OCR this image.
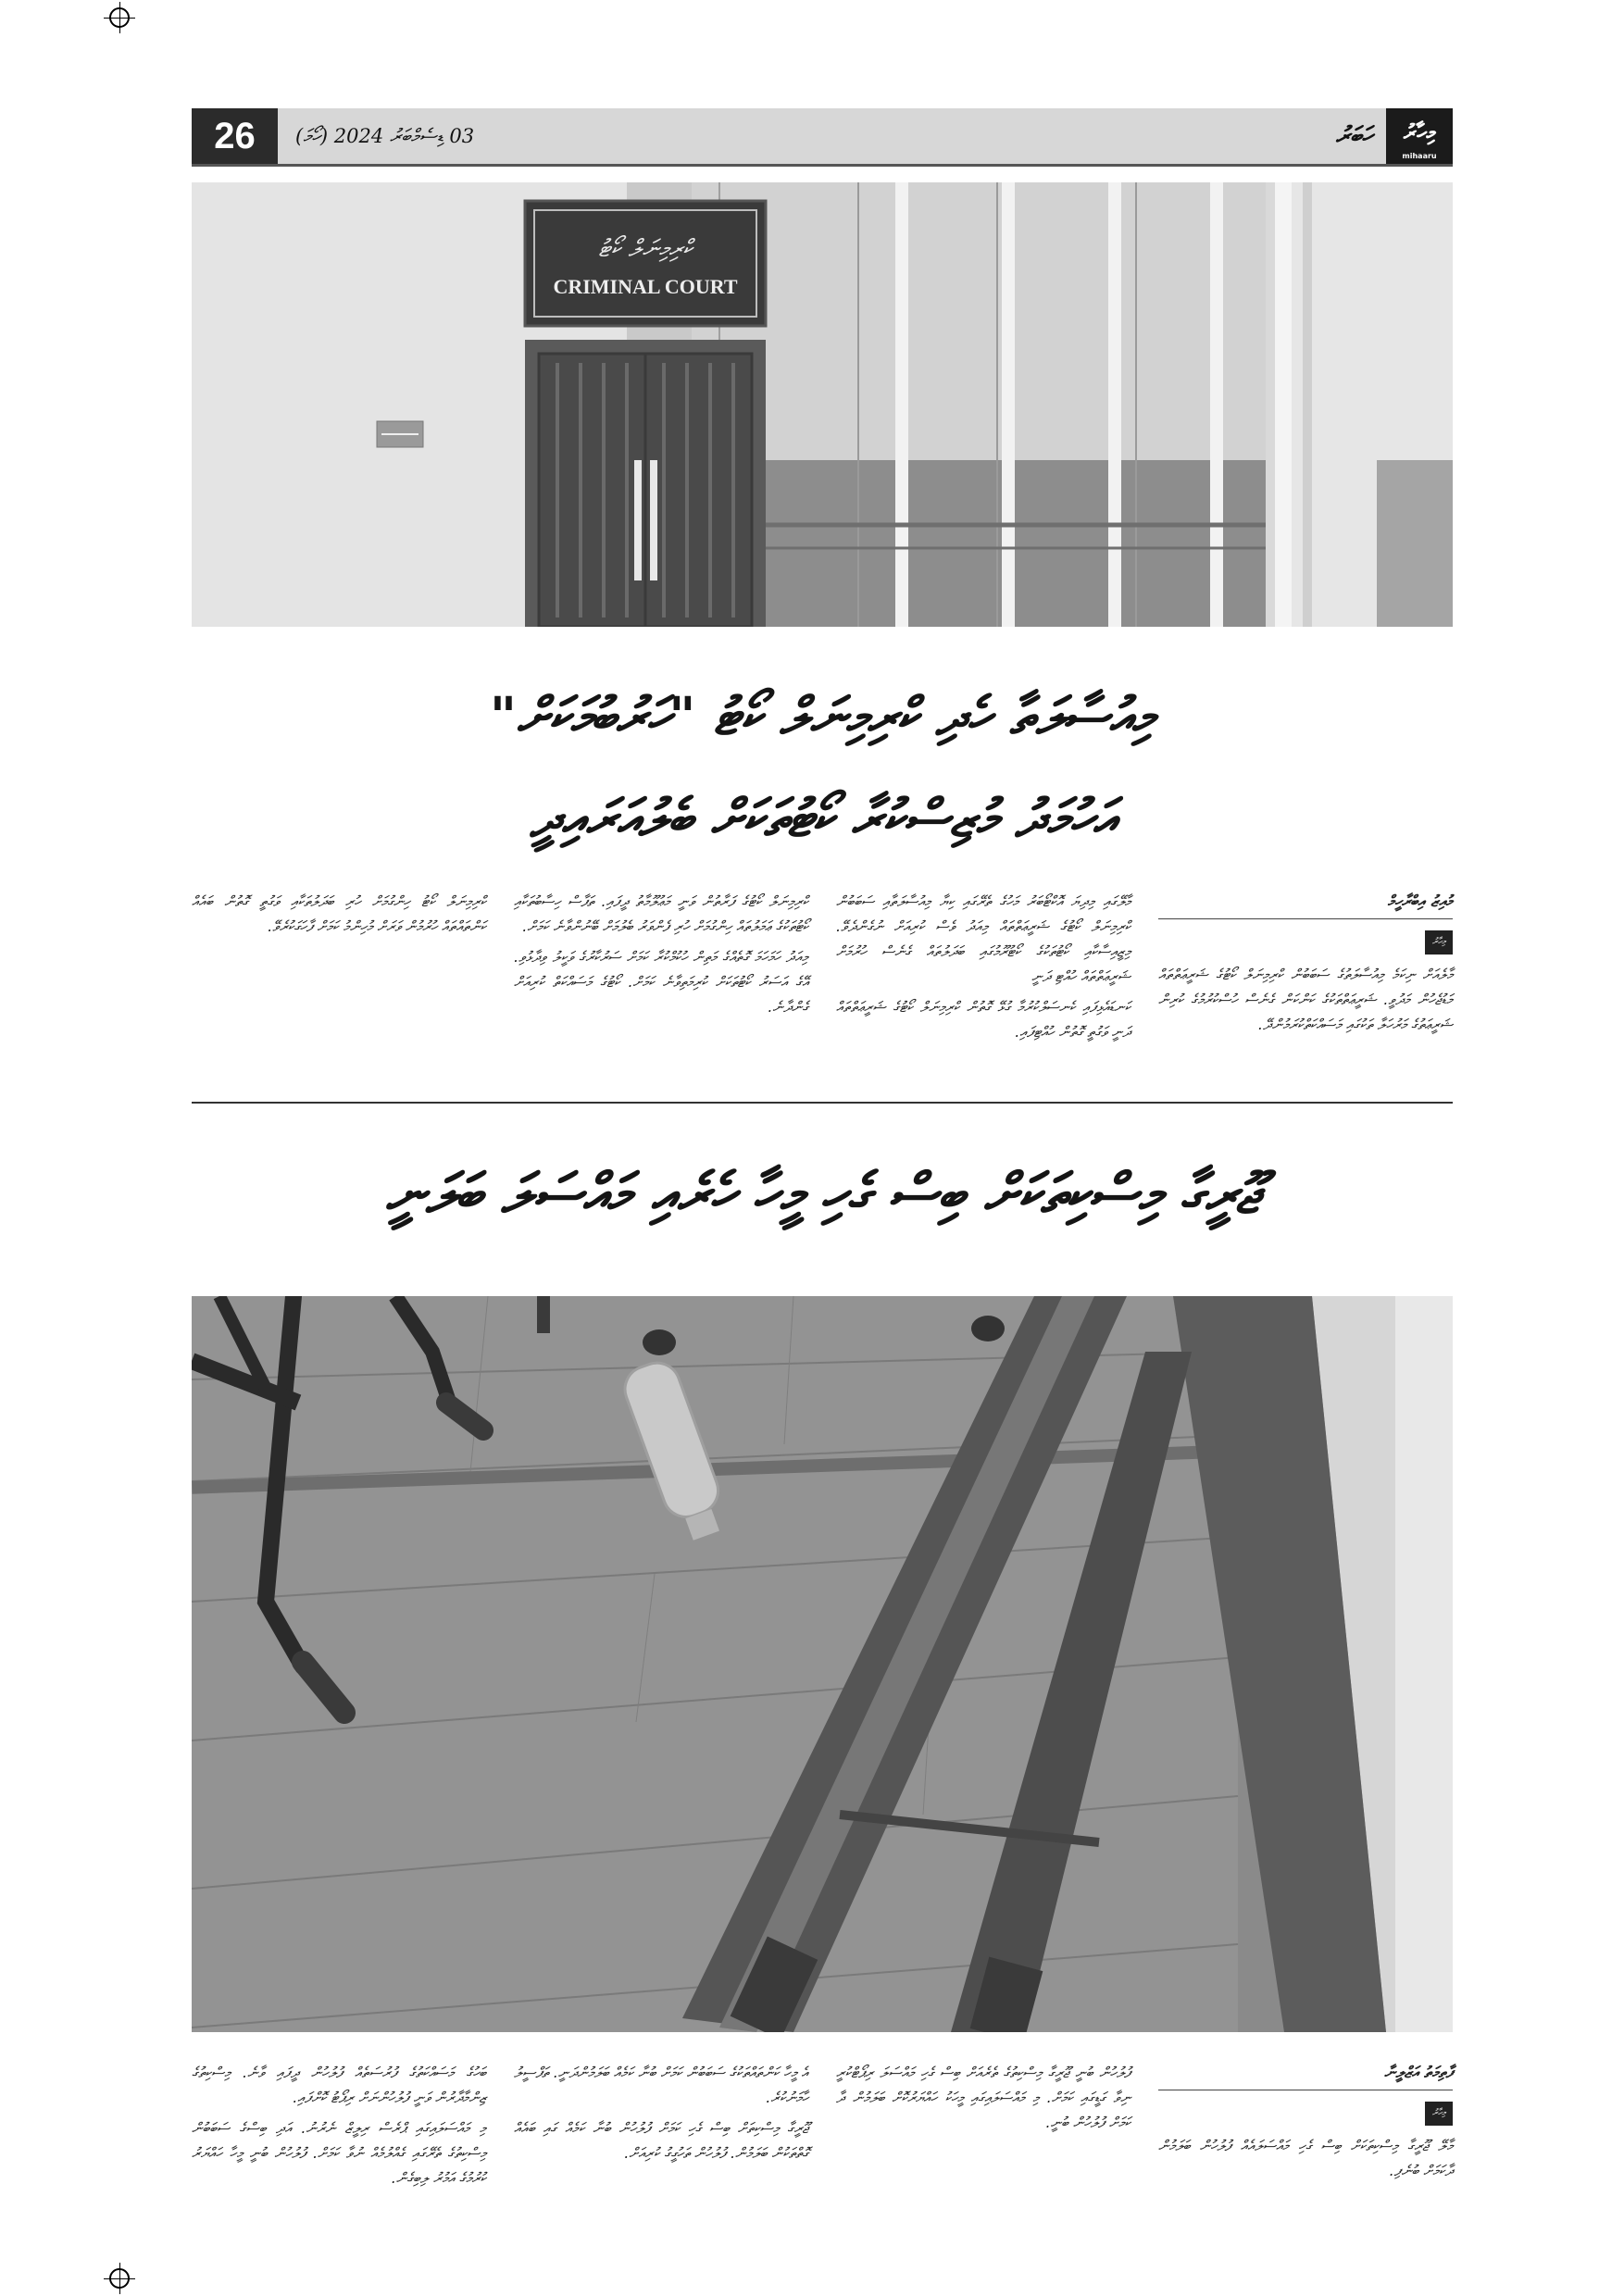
26	03 ޑިސެމްބަރު 2024 (ހޯމަ)	ހަބަރު	މިހާރު
mihaaru
ކްރިމިނަލް ކޯޓު
CRIMINAL COURT
މިއުސާލަތާ ހެދި ކްރިމިނަލް ކޯޓު "ހަރުބުމަކަށް"
އަހުމަދު މުޒިސްކުރާ ކޯޓުތަކަށް ބެލުއަރައިދީ
މުއިޒު އިބްރާހީމް
މިހާރު

މާލެއަށް ނިކަމެ މިއުސާލަތުގެ ސަބަބުން ކްރިމިނަލް ކޯޓުގެ ޝަރީޢަތްތައް މަޑުޖެހުން މަދުވީ. ޝަރީޢަތްތަކުގެ ކަންކަން ގެނެސް ހުސްކުރުމުގެ ކުރިން ޝަރީޢަތުގެ މަރުހަލާ ތަކުގައި މަސައްކަތްކުރަމުންދޭ.

މާލޭގައި މިދިޔަ އޮކްޓޯބަރު މަހުގެ ތެރޭގައި ކިޔާ މިއުސާލަތާއި ސަބަބުން ކްރިމިނަލް ކޯޓުގެ ޝަރީޢަތްތައް މިއަދު ވެސް ކުރިއަށް ނުގެންދެވޭ. މިޒީއިސާކާއި ކޯޓުތަކުގެ ކޯޓުރޫމުގައި ބަދަލުތައް ގެނެސް ހުރުމަށް ޝަރީޢަތްތައް ހުއްޓި ދަނީ

ކަނޑައެޅިފައި ކެނސަލްކުރުމާ ގުޅޭ ގޮތުން ކްރިމިނަލް ކޯޓުގެ ޝަރީޢަތްތައް ދަނީ ވަގުތީ ގޮތުން ހުއްޓިފައި.

ކްރިމިނަލް ކޯޓުގެ ފަރާތުން ވަނީ މަޢުލޫމާތު ދީފައި. ތަފާސް ހިސާބުތަކާއި ކޯޓުތަކުގެ ޢަމަލުތައް ހިންގުމަށް ހުރި ފެންވަރު ބެލުމަށް ބޭނުންވާނެ ކަމަށް.

މިއަދު ހަމަހަމަ ގޮތެއްގެ މަތިން ހުކުމްކުރާ ކަމަށް ސަރުކާރުގެ ވަކީލު ވިދާޅުވި. އޭގެ އަސަރު ކޯޓުތަކަށް ކުރިމަތިވާނެ ކަމަށް. ކޯޓުގެ މަސައްކަތް ކުރިއަށް ގެންދާނެ.

ކްރިމިނަލް ކޯޓު ހިންގުމަށް ހުރި ބަދަލުތަކާއި ވަގުތީ ގޮތުން ބައެއް ކަންތައްތައް ހުރުމުން ވަރަށް މުހިންމު ކަމަށް ފާހަގަކުރެވޭ.

ޖޫރީގާ މިސްކިތަކަށް ބިސް ގެހި މީހާ ހެރެއި މައްސަލަ ބަލަނީ
ފާތިމަތު އަޒްލީނާ
މިހާރު

މާލޭ ޖޫރީގާ މިސްކިތަކަށް ބިސް ގެހި މައްސަލައެއް ފުލުހުން ބަލަމުން ދާކަމަށް ބުނެފި.

ފުލުހުން ބުނީ ޖޫރީގާ މިސްކިތުގެ ތެރެއަށް ބިސް ގެހި މައްސަލަ ރިޕޯޓްކުރީ ނިވާ ގަޑީގައި ކަމަށް. މި މައްސަލައިގައި މީހަކު ހައްޔަރުކޮށް ބަލަމުން ދާ ކަމަށް ފުލުހުން ބުނީ.

އެ މީހާ ކަންތައްތަކުގެ ސަބަބުން ކަމަށް ބުނާ ކަމެއް ބަލަމުންދަނީ. ތަފްސީލު ހާމަނުކުރެ.

ޖޫރީގާ މިސްކިތަށް ބިސް ގެހި ކަމަށް ފުލުހުން ބުނާ ކަމެއް ގައި ބައެއް ގޮތްތަކުން ބަލަމުން. ފުލުހުން ތަހުގީގު ކުރިއަށް.

ބަހުގެ މަސައްކަތުގެ ފުރުސަތެއް ފުލުހުން ދީފައި ވާނެ. މިސްކިތުގެ ޒިންމާދާރުން ވަނީ ފުލުހުންނަށް ރިޕޯޓު ކޮށްފައި.

މި މައްސަލައިގައި ޕްރެސް ރިލީޒް ނެރުނު. އަދި ބިސްގެ ސަބަބުން މިސްކިތުގެ ތެރޭގައި ގެއްލުމެއް ނުވާ ކަމަށް. ފުލުހުން ބުނީ މީހާ ހައްޔަރު ކުރުމުގެ އަމުރު ލިބިގެން.
